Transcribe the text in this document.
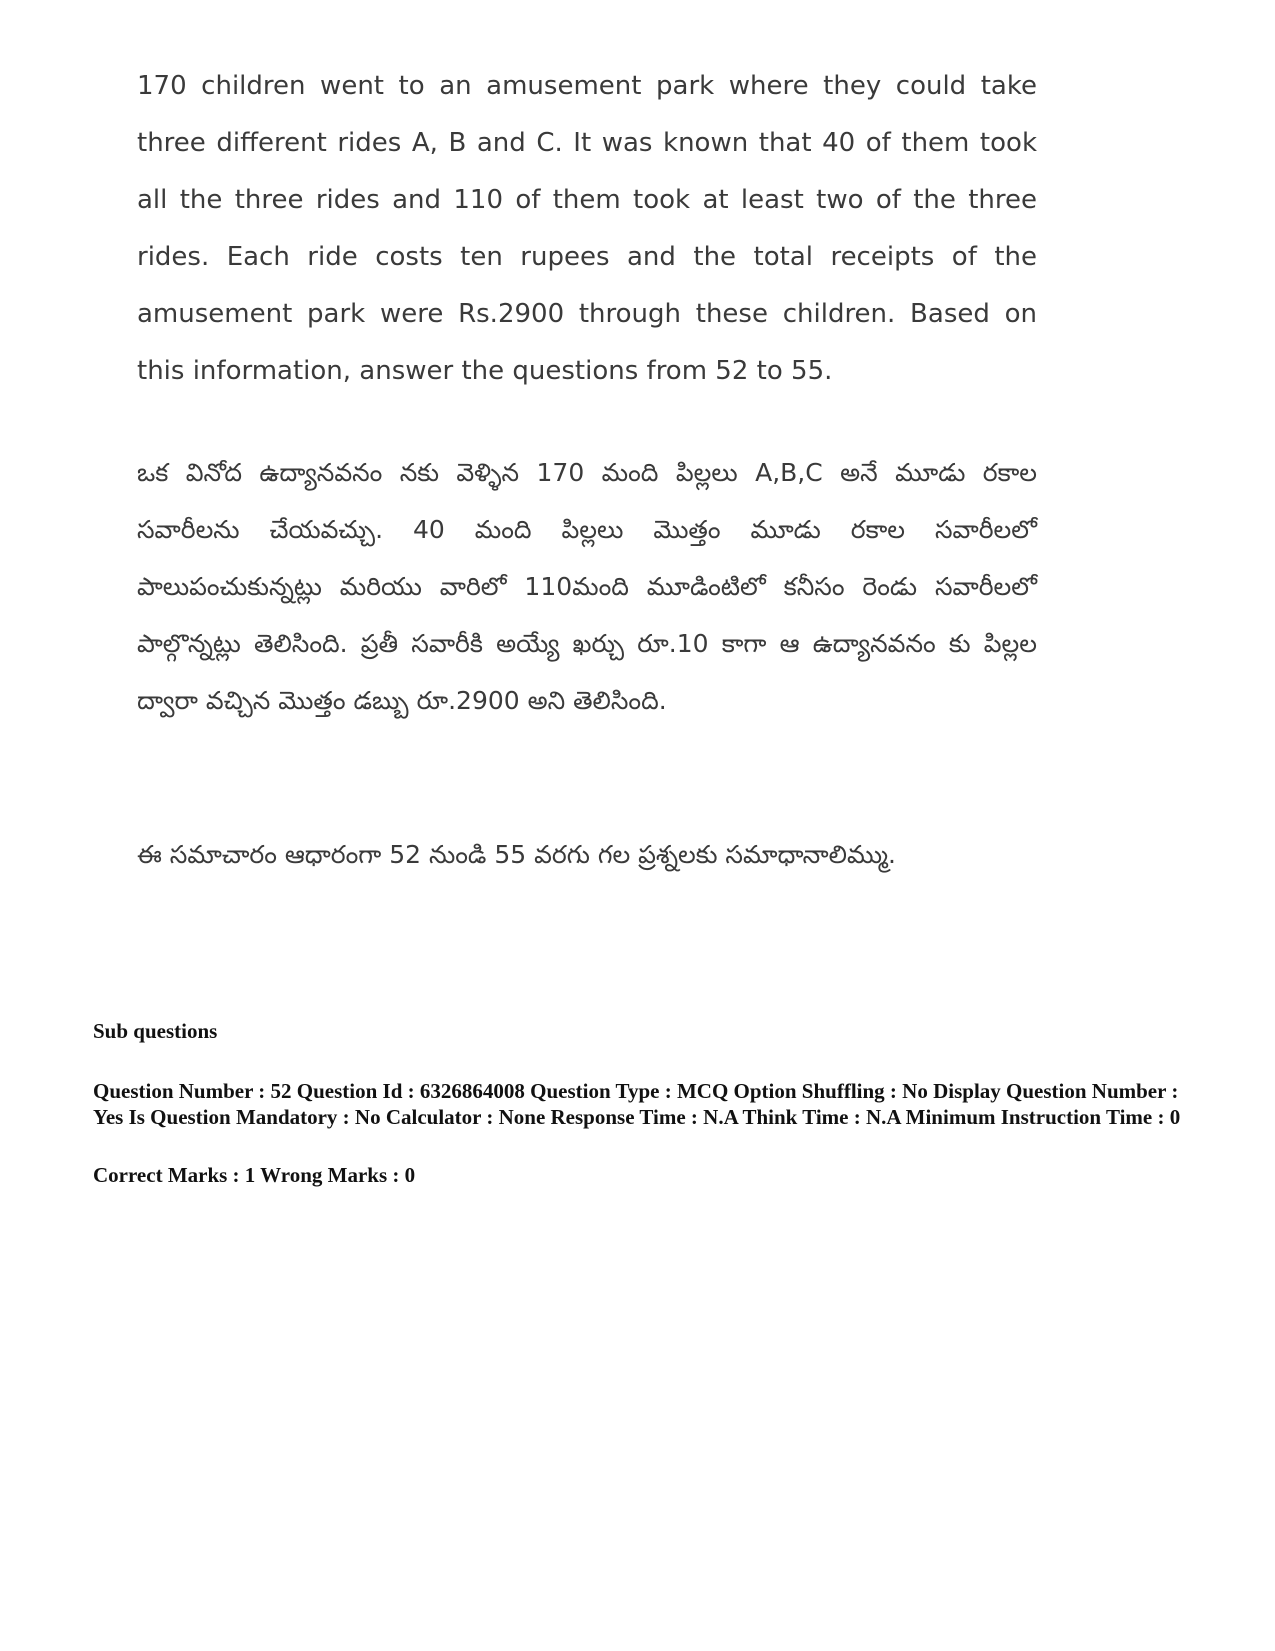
170 children went to an amusement park where they could take three different rides A, B and C. It was known that 40 of them took all the three rides and 110 of them took at least two of the three rides. Each ride costs ten rupees and the total receipts of the amusement park were Rs.2900 through these children. Based on this information, answer the questions from 52 to 55.

ఒక వినోద ఉద్యానవనం నకు వెళ్ళిన 170 మంది పిల్లలు A,B,C అనే మూడు రకాల సవారీలను చేయవచ్చు. 40 మంది పిల్లలు మొత్తం మూడు రకాల సవారీలలో పాలుపంచుకున్నట్లు మరియు వారిలో 110మంది మూడింటిలో కనీసం రెండు సవారీలలో పాల్గొన్నట్లు తెలిసింది. ప్రతీ సవారీకి అయ్యే ఖర్చు రూ.10 కాగా ఆ ఉద్యానవనం కు పిల్లల ద్వారా వచ్చిన మొత్తం డబ్బు రూ.2900 అని తెలిసింది.

ఈ సమాచారం ఆధారంగా 52 నుండి 55 వరగు గల ప్రశ్నలకు సమాధానాలిమ్ము.

Sub questions

Question Number : 52 Question Id : 6326864008 Question Type : MCQ Option Shuffling : No Display Question Number : Yes Is Question Mandatory : No Calculator : None Response Time : N.A Think Time : N.A Minimum Instruction Time : 0

Correct Marks : 1 Wrong Marks : 0
